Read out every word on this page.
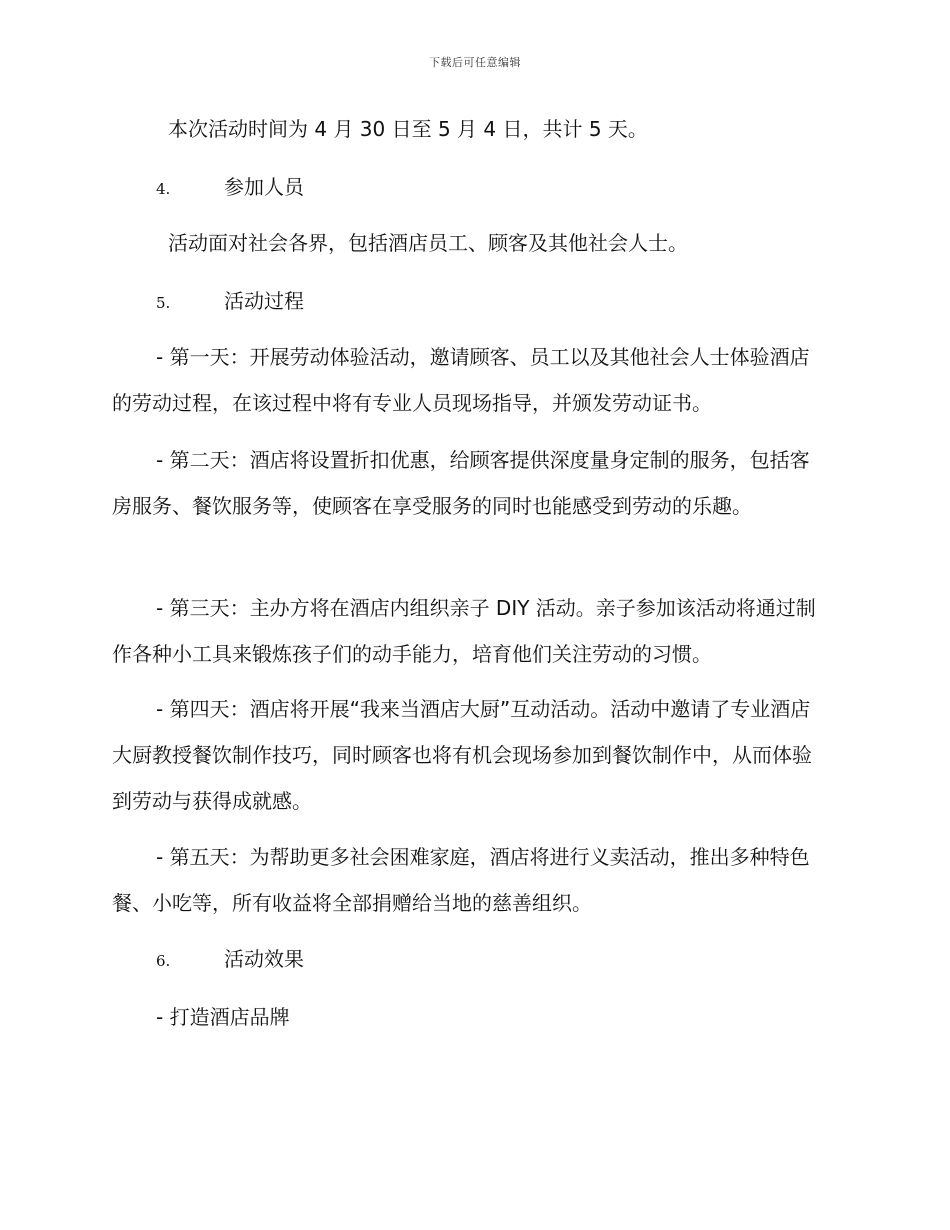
下载后可任意编辑

本次活动时间为 4 月 30 日至 5 月 4 日，共计 5 天。

4.	参加人员

活动面对社会各界，包括酒店员工、顾客及其他社会人士。

5.	活动过程

- 第一天：开展劳动体验活动，邀请顾客、员工以及其他社会人士体验酒店的劳动过程，在该过程中将有专业人员现场指导，并颁发劳动证书。

- 第二天：酒店将设置折扣优惠，给顾客提供深度量身定制的服务，包括客房服务、餐饮服务等，使顾客在享受服务的同时也能感受到劳动的乐趣。

- 第三天：主办方将在酒店内组织亲子 DIY 活动。亲子参加该活动将通过制作各种小工具来锻炼孩子们的动手能力，培育他们关注劳动的习惯。

- 第四天：酒店将开展“我来当酒店大厨”互动活动。活动中邀请了专业酒店大厨教授餐饮制作技巧，同时顾客也将有机会现场参加到餐饮制作中，从而体验到劳动与获得成就感。

- 第五天：为帮助更多社会困难家庭，酒店将进行义卖活动，推出多种特色餐、小吃等，所有收益将全部捐赠给当地的慈善组织。

6.	活动效果

- 打造酒店品牌
